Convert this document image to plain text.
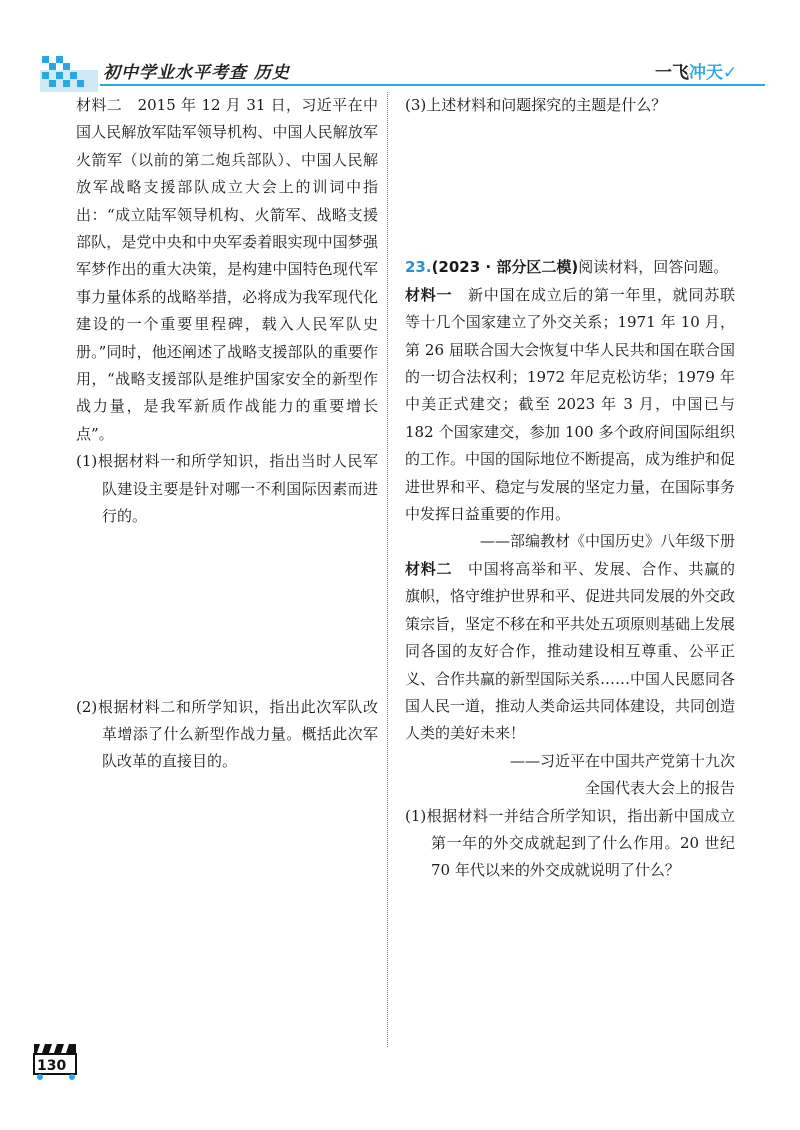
初中学业水平考查 历史	一飞冲天✓

材料二　2015 年 12 月 31 日，习近平在中国人民解放军陆军领导机构、中国人民解放军火箭军（以前的第二炮兵部队）、中国人民解放军战略支援部队成立大会上的训词中指出：“成立陆军领导机构、火箭军、战略支援部队，是党中央和中央军委着眼实现中国梦强军梦作出的重大决策，是构建中国特色现代军事力量体系的战略举措，必将成为我军现代化建设的一个重要里程碑，载入人民军队史册。”同时，他还阐述了战略支援部队的重要作用，“战略支援部队是维护国家安全的新型作战力量，是我军新质作战能力的重要增长点”。

(1)根据材料一和所学知识，指出当时人民军队建设主要是针对哪一不利国际因素而进行的。

(2)根据材料二和所学知识，指出此次军队改革增添了什么新型作战力量。概括此次军队改革的直接目的。

(3)上述材料和问题探究的主题是什么？

23.(2023 · 部分区二模)阅读材料，回答问题。

材料一　新中国在成立后的第一年里，就同苏联等十几个国家建立了外交关系；1971 年 10 月，第 26 届联合国大会恢复中华人民共和国在联合国的一切合法权利；1972 年尼克松访华；1979 年中美正式建交；截至 2023 年 3 月，中国已与 182 个国家建交，参加 100 多个政府间国际组织的工作。中国的国际地位不断提高，成为维护和促进世界和平、稳定与发展的坚定力量，在国际事务中发挥日益重要的作用。

——部编教材《中国历史》八年级下册

材料二　中国将高举和平、发展、合作、共赢的旗帜，恪守维护世界和平、促进共同发展的外交政策宗旨，坚定不移在和平共处五项原则基础上发展同各国的友好合作，推动建设相互尊重、公平正义、合作共赢的新型国际关系……中国人民愿同各国人民一道，推动人类命运共同体建设，共同创造人类的美好未来！

——习近平在中国共产党第十九次

全国代表大会上的报告

(1)根据材料一并结合所学知识，指出新中国成立第一年的外交成就起到了什么作用。20 世纪 70 年代以来的外交成就说明了什么？

130
